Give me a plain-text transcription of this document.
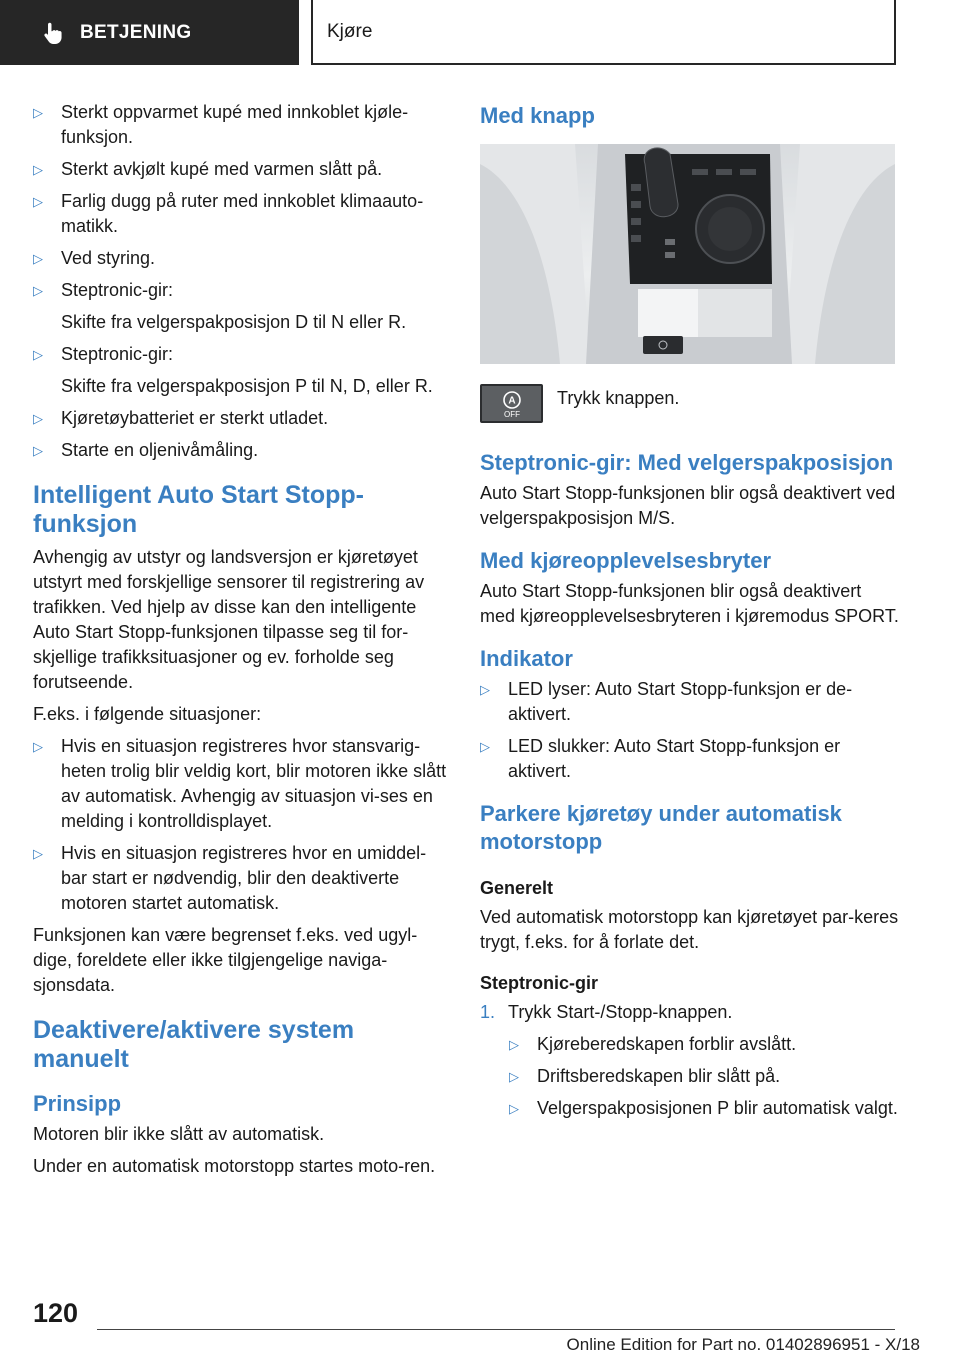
BETJENING	Kjøre
▷ Sterkt oppvarmet kupé med innkoblet kjøle‐funksjon.
▷ Sterkt avkjølt kupé med varmen slått på.
▷ Farlig dugg på ruter med innkoblet klimaauto‐matikk.
▷ Ved styring.
▷ Steptronic-gir:
Skifte fra velgerspakposisjon D til N eller R.
▷ Steptronic-gir:
Skifte fra velgerspakposisjon P til N, D, eller R.
▷ Kjøretøybatteriet er sterkt utladet.
▷ Starte en oljenivåmåling.
Intelligent Auto Start Stopp-funksjon

Avhengig av utstyr og landsversjon er kjøretøyet utstyrt med forskjellige sensorer til registrering av trafikken. Ved hjelp av disse kan den intelligente Auto Start Stopp-funksjonen tilpasse seg til for‐skjellige trafikksituasjoner og ev. forholde seg forutseende.

F.eks. i følgende situasjoner:

▷ Hvis en situasjon registreres hvor stansvarig‐heten trolig blir veldig kort, blir motoren ikke slått av automatisk. Avhengig av situasjon vi‐ses en melding i kontrolldisplayet.
▷ Hvis en situasjon registreres hvor en umiddel‐bar start er nødvendig, blir den deaktiverte motoren startet automatisk.

Funksjonen kan være begrenset f.eks. ved ugyl‐dige, foreldete eller ikke tilgjengelige naviga‐sjonsdata.

Deaktivere/aktivere system manuelt
Prinsipp

Motoren blir ikke slått av automatisk.

Under en automatisk motorstopp startes moto‐ren.

Med knapp
A
OFF
Trykk knappen.
Steptronic-gir: Med velgerspakposisjon

Auto Start Stopp-funksjonen blir også deaktivert ved velgerspakposisjon M/S.

Med kjøreopplevelsesbryter

Auto Start Stopp-funksjonen blir også deaktivert med kjøreopplevelsesbryteren i kjøremodus SPORT.

Indikator
▷ LED lyser: Auto Start Stopp-funksjon er de‐aktivert.
▷ LED slukker: Auto Start Stopp-funksjon er aktivert.
Parkere kjøretøy under automatisk motorstopp
Generelt

Ved automatisk motorstopp kan kjøretøyet par‐keres trygt, f.eks. for å forlate det.

Steptronic-gir
1. Trykk Start-/Stopp-knappen.
▷ Kjøreberedskapen forblir avslått.
▷ Driftsberedskapen blir slått på.
▷ Velgerspakposisjonen P blir automatisk valgt.
120
Online Edition for Part no. 01402896951 - X/18
